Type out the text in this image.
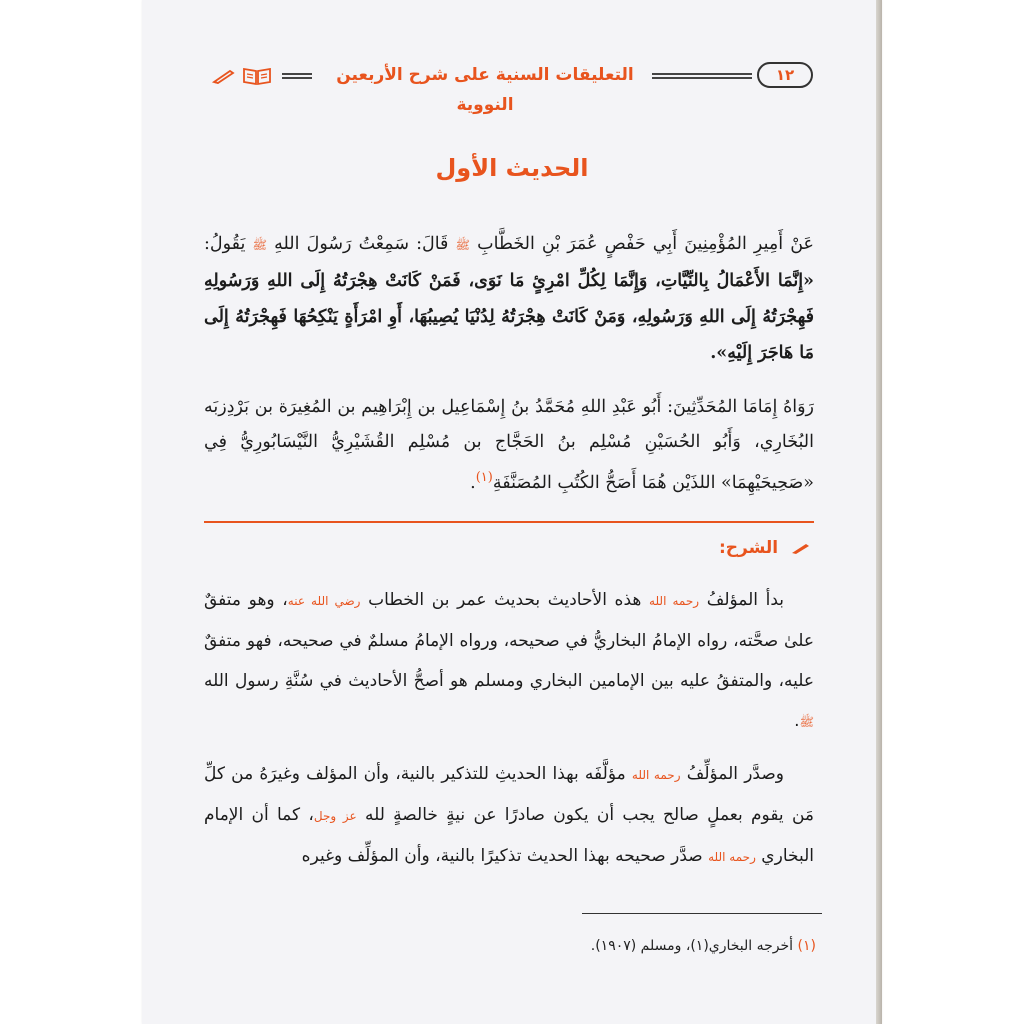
التعليقات السنية على شرح الأربعين النووية
١٢
الحديث الأول

عَنْ أَمِيرِ المُؤْمِنِينَ أَبِي حَفْصٍ عُمَرَ بْنِ الخَطَّابِ ﷺ قَالَ: سَمِعْتُ رَسُولَ اللهِ ﷺ يَقُولُ: «إِنَّمَا الأَعْمَالُ بِالنِّيَّاتِ، وَإِنَّمَا لِكُلِّ امْرِئٍ مَا نَوَى، فَمَنْ كَانَتْ هِجْرَتُهُ إِلَى اللهِ وَرَسُولِهِ فَهِجْرَتُهُ إِلَى اللهِ وَرَسُولِهِ، وَمَنْ كَانَتْ هِجْرَتُهُ لِدُنْيَا يُصِيبُهَا، أَوِ امْرَأَةٍ يَنْكِحُهَا فَهِجْرَتُهُ إِلَى مَا هَاجَرَ إِلَيْهِ».

رَوَاهُ إِمَامَا المُحَدِّثِينَ: أَبُو عَبْدِ اللهِ مُحَمَّدُ بنُ إِسْمَاعِيل بن إِبْرَاهِيم بن المُغِيرَة بن بَرْدِزبَه البُخَارِي، وَأَبُو الحُسَيْنِ مُسْلِم بنُ الحَجَّاج بن مُسْلِم القُشَيْرِيُّ النَّيْسَابُورِيُّ فِي «صَحِيحَيْهِمَا» اللذَيْن هُمَا أَصَحُّ الكُتُبِ المُصَنَّفَةِ$^{(١)}$.
الشرح:

بدأ المؤلفُ رحمه الله هذه الأحاديث بحديث عمر بن الخطاب رضي الله عنه، وهو متفقٌ علىٰ صحَّته، رواه الإمامُ البخاريُّ في صحيحه، ورواه الإمامُ مسلمٌ في صحيحه، فهو متفقٌ عليه، والمتفقُ عليه بين الإمامين البخاري ومسلم هو أصحُّ الأحاديث في سُنَّةِ رسول الله ﷺ.

وصدَّر المؤلِّفُ رحمه الله مؤلَّفَه بهذا الحديثِ للتذكير بالنية، وأن المؤلف وغيرَهُ من كلِّ مَن يقوم بعملٍ صالح يجب أن يكون صادرًا عن نيةٍ خالصةٍ لله عز وجل، كما أن الإمام البخاري رحمه الله صدَّر صحيحه بهذا الحديث تذكيرًا بالنية، وأن المؤلِّف وغيره

(١) أخرجه البخاري(١)، ومسلم (١٩٠٧).
